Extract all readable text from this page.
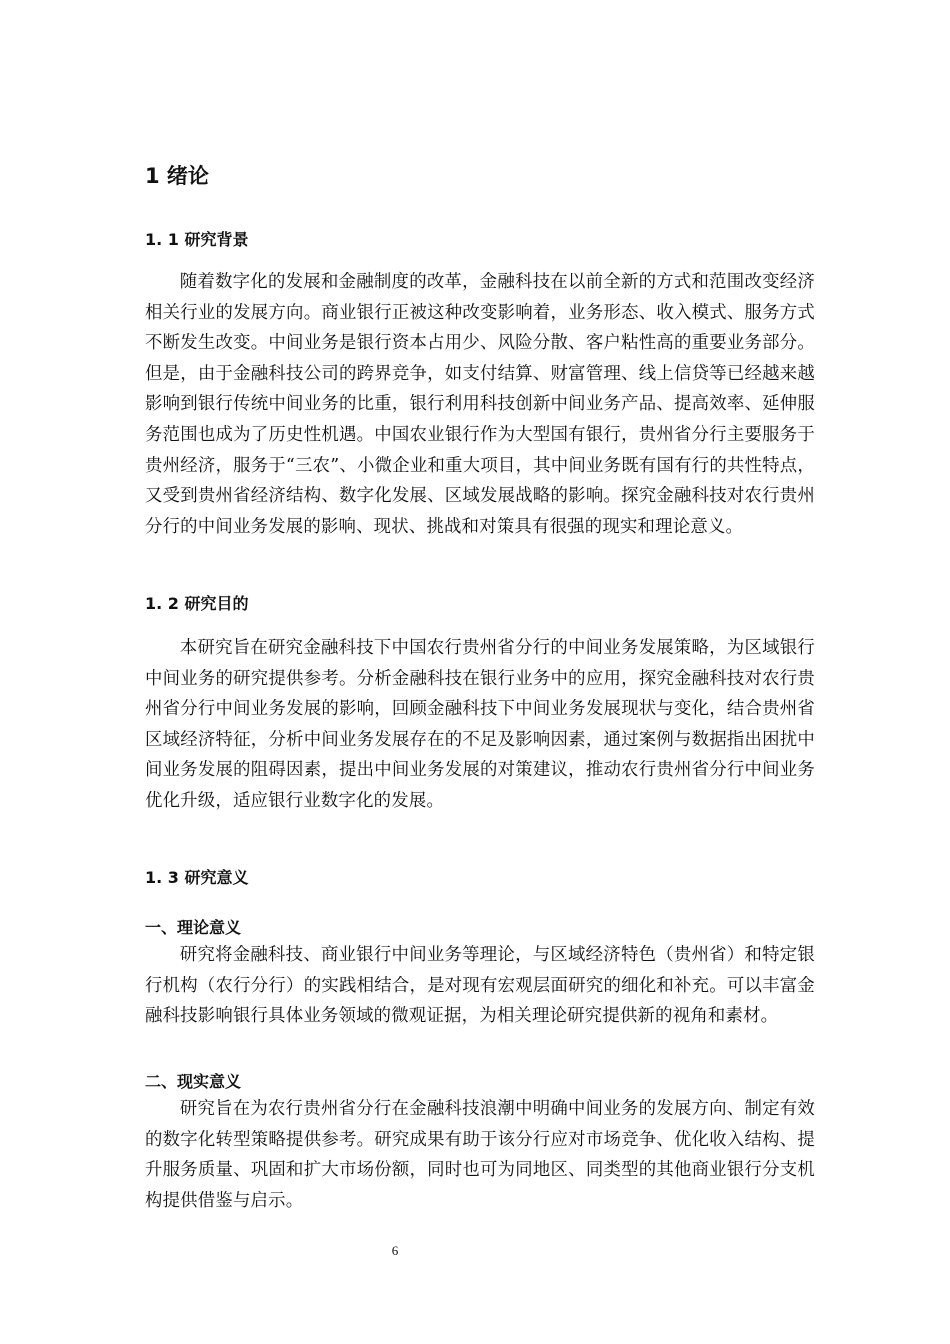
1 绪论
1. 1 研究背景

随着数字化的发展和金融制度的改革，金融科技在以前全新的方式和范围改变经济相关行业的发展方向。商业银行正被这种改变影响着，业务形态、收入模式、服务方式不断发生改变。中间业务是银行资本占用少、风险分散、客户粘性高的重要业务部分。但是，由于金融科技公司的跨界竞争，如支付结算、财富管理、线上信贷等已经越来越影响到银行传统中间业务的比重，银行利用科技创新中间业务产品、提高效率、延伸服务范围也成为了历史性机遇。中国农业银行作为大型国有银行，贵州省分行主要服务于贵州经济，服务于“三农”、小微企业和重大项目，其中间业务既有国有行的共性特点，又受到贵州省经济结构、数字化发展、区域发展战略的影响。探究金融科技对农行贵州分行的中间业务发展的影响、现状、挑战和对策具有很强的现实和理论意义。

1. 2 研究目的

本研究旨在研究金融科技下中国农行贵州省分行的中间业务发展策略，为区域银行中间业务的研究提供参考。分析金融科技在银行业务中的应用，探究金融科技对农行贵州省分行中间业务发展的影响，回顾金融科技下中间业务发展现状与变化，结合贵州省区域经济特征，分析中间业务发展存在的不足及影响因素，通过案例与数据指出困扰中间业务发展的阻碍因素，提出中间业务发展的对策建议，推动农行贵州省分行中间业务优化升级，适应银行业数字化的发展。

1. 3 研究意义
一、理论意义

研究将金融科技、商业银行中间业务等理论，与区域经济特色（贵州省）和特定银行机构（农行分行）的实践相结合，是对现有宏观层面研究的细化和补充。可以丰富金融科技影响银行具体业务领域的微观证据，为相关理论研究提供新的视角和素材。

二、现实意义

研究旨在为农行贵州省分行在金融科技浪潮中明确中间业务的发展方向、制定有效的数字化转型策略提供参考。研究成果有助于该分行应对市场竞争、优化收入结构、提升服务质量、巩固和扩大市场份额，同时也可为同地区、同类型的其他商业银行分支机构提供借鉴与启示。

6
